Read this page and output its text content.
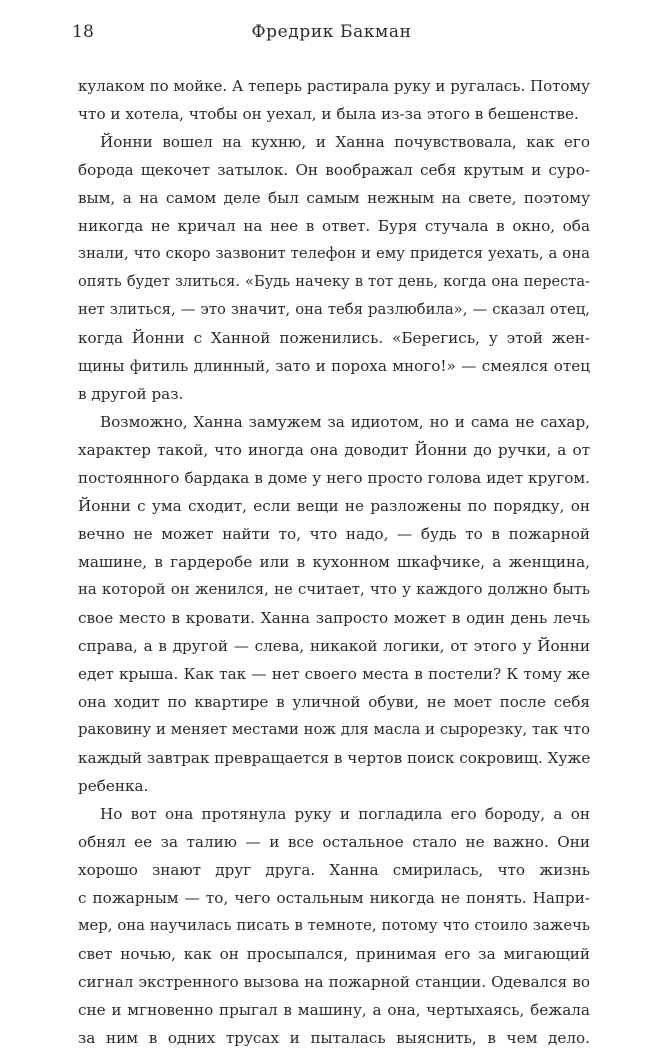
18	Фредрик Бакман
кулаком по мойке. А теперь растирала руку и ругалась. Потому
что и хотела, чтобы он уехал, и была из-за этого в бешенстве.
Йонни вошел на кухню, и Ханна почувствовала, как его
борода щекочет затылок. Он воображал себя крутым и суро-
вым, а на самом деле был самым нежным на свете, поэтому
никогда не кричал на нее в ответ. Буря стучала в окно, оба
знали, что скоро зазвонит телефон и ему придется уехать, а она
опять будет злиться. «Будь начеку в тот день, когда она переста-
нет злиться, — это значит, она тебя разлюбила», — сказал отец,
когда Йонни с Ханной поженились. «Берегись, у этой жен-
щины фитиль длинный, зато и пороха много!» — смеялся отец
в другой раз.
Возможно, Ханна замужем за идиотом, но и сама не сахар,
характер такой, что иногда она доводит Йонни до ручки, а от
постоянного бардака в доме у него просто голова идет кругом.
Йонни с ума сходит, если вещи не разложены по порядку, он
вечно не может найти то, что надо, — будь то в пожарной
машине, в гардеробе или в кухонном шкафчике, а женщина,
на которой он женился, не считает, что у каждого должно быть
свое место в кровати. Ханна запросто может в один день лечь
справа, а в другой — слева, никакой логики, от этого у Йонни
едет крыша. Как так — нет своего места в постели? К тому же
она ходит по квартире в уличной обуви, не моет после себя
раковину и меняет местами нож для масла и сырорезку, так что
каждый завтрак превращается в чертов поиск сокровищ. Хуже
ребенка.
Но вот она протянула руку и погладила его бороду, а он
обнял ее за талию — и все остальное стало не важно. Они
хорошо знают друг друга. Ханна смирилась, что жизнь
с пожарным — то, чего остальным никогда не понять. Напри-
мер, она научилась писать в темноте, потому что стоило зажечь
свет ночью, как он просыпался, принимая его за мигающий
сигнал экстренного вызова на пожарной станции. Одевался во
сне и мгновенно прыгал в машину, а она, чертыхаясь, бежала
за ним в одних трусах и пыталась выяснить, в чем дело.
